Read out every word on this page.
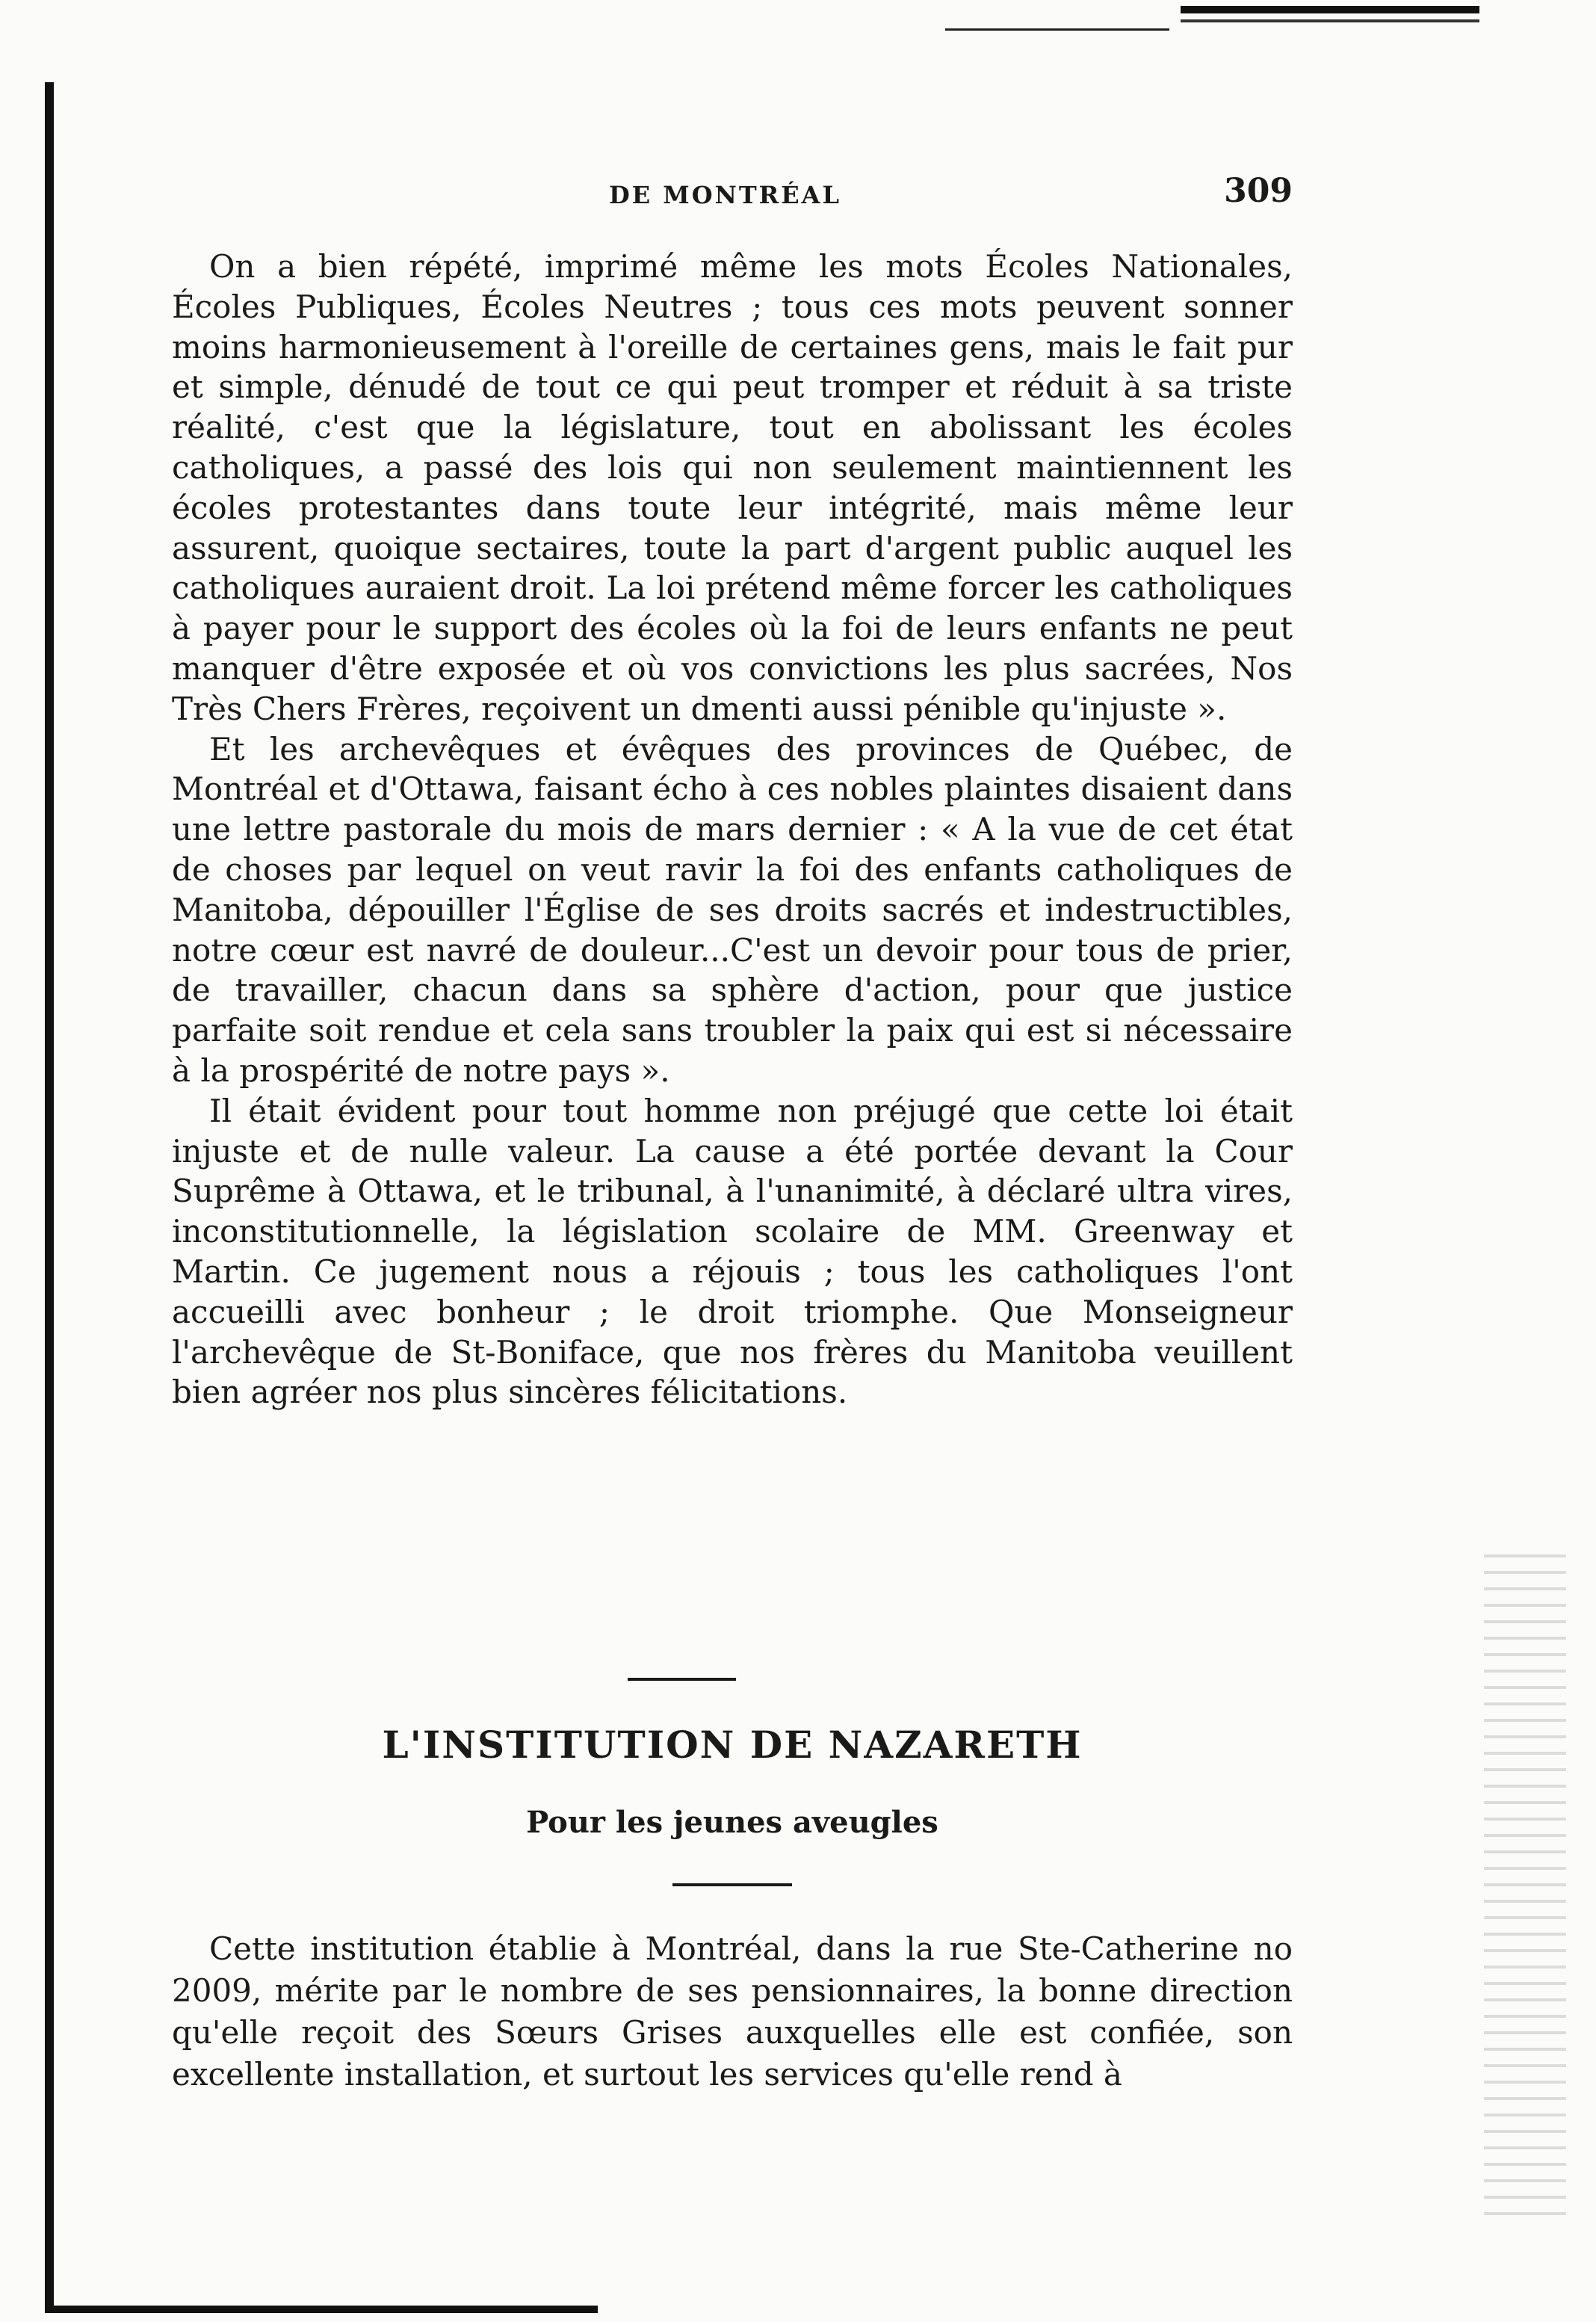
DE MONTRÉAL	309

On a bien répété, imprimé même les mots Écoles Nationales, Écoles Publiques, Écoles Neutres ; tous ces mots peuvent sonner moins harmonieusement à l'oreille de certaines gens, mais le fait pur et simple, dénudé de tout ce qui peut tromper et réduit à sa triste réalité, c'est que la législature, tout en abolissant les écoles catholiques, a passé des lois qui non seulement maintiennent les écoles protestantes dans toute leur intégrité, mais même leur assurent, quoique sectaires, toute la part d'argent public auquel les catholiques auraient droit. La loi prétend même forcer les catholiques à payer pour le support des écoles où la foi de leurs enfants ne peut manquer d'être exposée et où vos convictions les plus sacrées, Nos Très Chers Frères, reçoivent un dmenti aussi pénible qu'injuste ».

Et les archevêques et évêques des provinces de Québec, de Montréal et d'Ottawa, faisant écho à ces nobles plaintes disaient dans une lettre pastorale du mois de mars dernier : « A la vue de cet état de choses par lequel on veut ravir la foi des enfants catholiques de Manitoba, dépouiller l'Église de ses droits sacrés et indestructibles, notre cœur est navré de douleur...C'est un devoir pour tous de prier, de travailler, chacun dans sa sphère d'action, pour que justice parfaite soit rendue et cela sans troubler la paix qui est si nécessaire à la prospérité de notre pays ».

Il était évident pour tout homme non préjugé que cette loi était injuste et de nulle valeur. La cause a été portée devant la Cour Suprême à Ottawa, et le tribunal, à l'unanimité, à déclaré ultra vires, inconstitutionnelle, la législation scolaire de MM. Greenway et Martin. Ce jugement nous a réjouis ; tous les catholiques l'ont accueilli avec bonheur ; le droit triomphe. Que Monseigneur l'archevêque de St-Boniface, que nos frères du Manitoba veuillent bien agréer nos plus sincères félicitations.

L'INSTITUTION DE NAZARETH
Pour les jeunes aveugles

Cette institution établie à Montréal, dans la rue Ste-Catherine no 2009, mérite par le nombre de ses pensionnaires, la bonne direction qu'elle reçoit des Sœurs Grises auxquelles elle est confiée, son excellente installation, et surtout les services qu'elle rend à
